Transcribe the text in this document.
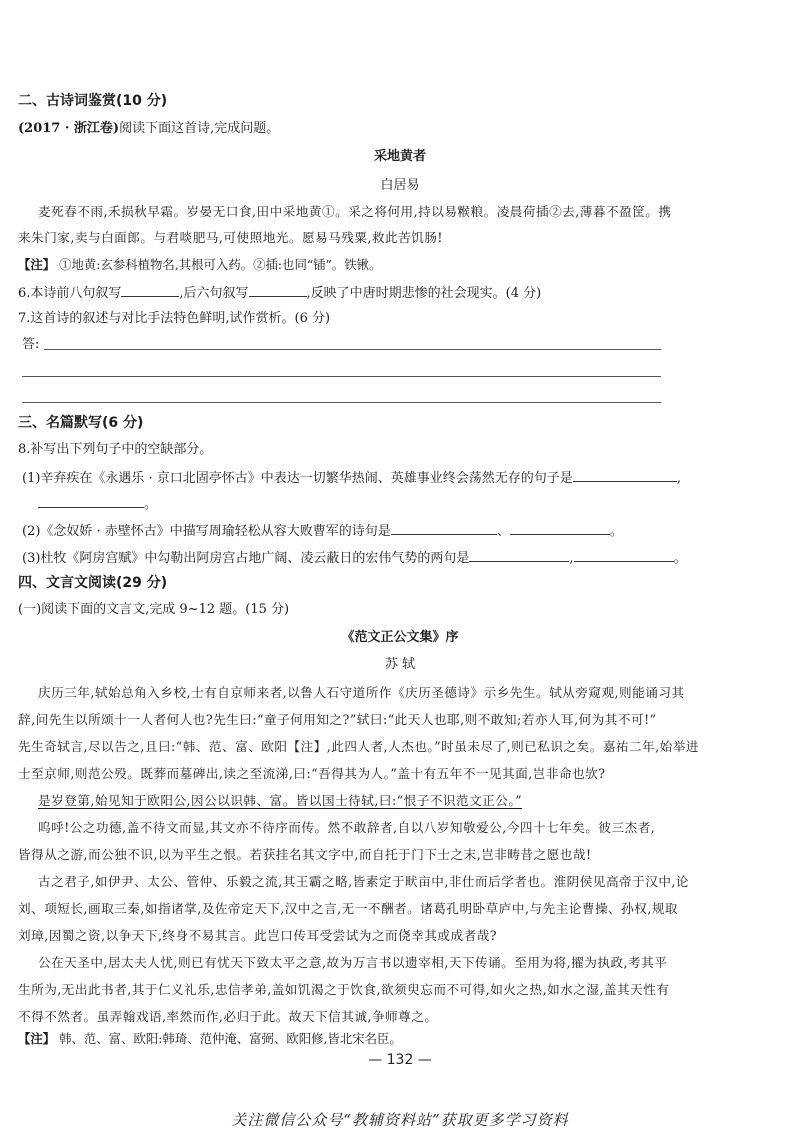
二、古诗词鉴赏(10 分)
(2017 · 浙江卷)阅读下面这首诗,完成问题。
采地黄者
白居易
麦死春不雨,禾损秋早霜。岁晏无口食,田中采地黄①。采之将何用,持以易糇粮。凌晨荷插②去,薄暮不盈筐。携
来朱门家,卖与白面郎。与君啖肥马,可使照地光。愿易马残粟,救此苦饥肠!
【注】 ①地黄:玄参科植物名,其根可入药。②插:也同“锸”。铁锹。
6.本诗前八句叙写	,后六句叙写	,反映了中唐时期悲惨的社会现实。(4 分)
7.这首诗的叙述与对比手法特色鲜明,试作赏析。(6 分)
答:
三、名篇默写(6 分)
8.补写出下列句子中的空缺部分。
(1)辛弃疾在《永遇乐 · 京口北固亭怀古》中表达一切繁华热闹、英雄事业终会荡然无存的句子是	,
。
(2)《念奴娇 · 赤壁怀古》中描写周瑜轻松从容大败曹军的诗句是	、	。
(3)杜牧《阿房宫赋》中勾勒出阿房宫占地广阔、凌云蔽日的宏伟气势的两句是	,	。
四、文言文阅读(29 分)
(一)阅读下面的文言文,完成 9~12 题。(15 分)
《范文正公文集》序
苏 轼
庆历三年,轼始总角入乡校,士有自京师来者,以鲁人石守道所作《庆历圣德诗》示乡先生。轼从旁窥观,则能诵习其
辞,问先生以所颂十一人者何人也?先生曰:“童子何用知之?”轼曰:“此天人也耶,则不敢知;若亦人耳,何为其不可!”
先生奇轼言,尽以告之,且曰:“韩、范、富、欧阳【注】,此四人者,人杰也。”时虽未尽了,则已私识之矣。嘉祐二年,始举进
士至京师,则范公殁。既葬而墓碑出,读之至流涕,曰:“吾得其为人。”盖十有五年不一见其面,岂非命也欤?
是岁登第,始见知于欧阳公,因公以识韩、富。皆以国士待轼,曰:“恨子不识范文正公。”
呜呼!公之功德,盖不待文而显,其文亦不待序而传。然不敢辞者,自以八岁知敬爱公,今四十七年矣。彼三杰者,
皆得从之游,而公独不识,以为平生之恨。若获挂名其文字中,而自托于门下士之末,岂非畴昔之愿也哉!
古之君子,如伊尹、太公、管仲、乐毅之流,其王霸之略,皆素定于畎亩中,非仕而后学者也。淮阴侯见高帝于汉中,论
刘、项短长,画取三秦,如指诸掌,及佐帝定天下,汉中之言,无一不酬者。诸葛孔明卧草庐中,与先主论曹操、孙权,规取
刘璋,因蜀之资,以争天下,终身不易其言。此岂口传耳受尝试为之而侥幸其或成者哉?
公在天圣中,居太夫人忧,则已有忧天下致太平之意,故为万言书以遗宰相,天下传诵。至用为将,擢为执政,考其平
生所为,无出此书者,其于仁义礼乐,忠信孝弟,盖如饥渴之于饮食,欲须臾忘而不可得,如火之热,如水之湿,盖其天性有
不得不然者。虽弄翰戏语,率然而作,必归于此。故天下信其诚,争师尊之。
【注】 韩、范、富、欧阳:韩琦、范仲淹、富弼、欧阳修,皆北宋名臣。
— 132 —
关注微信公众号“教辅资料站”获取更多学习资料
